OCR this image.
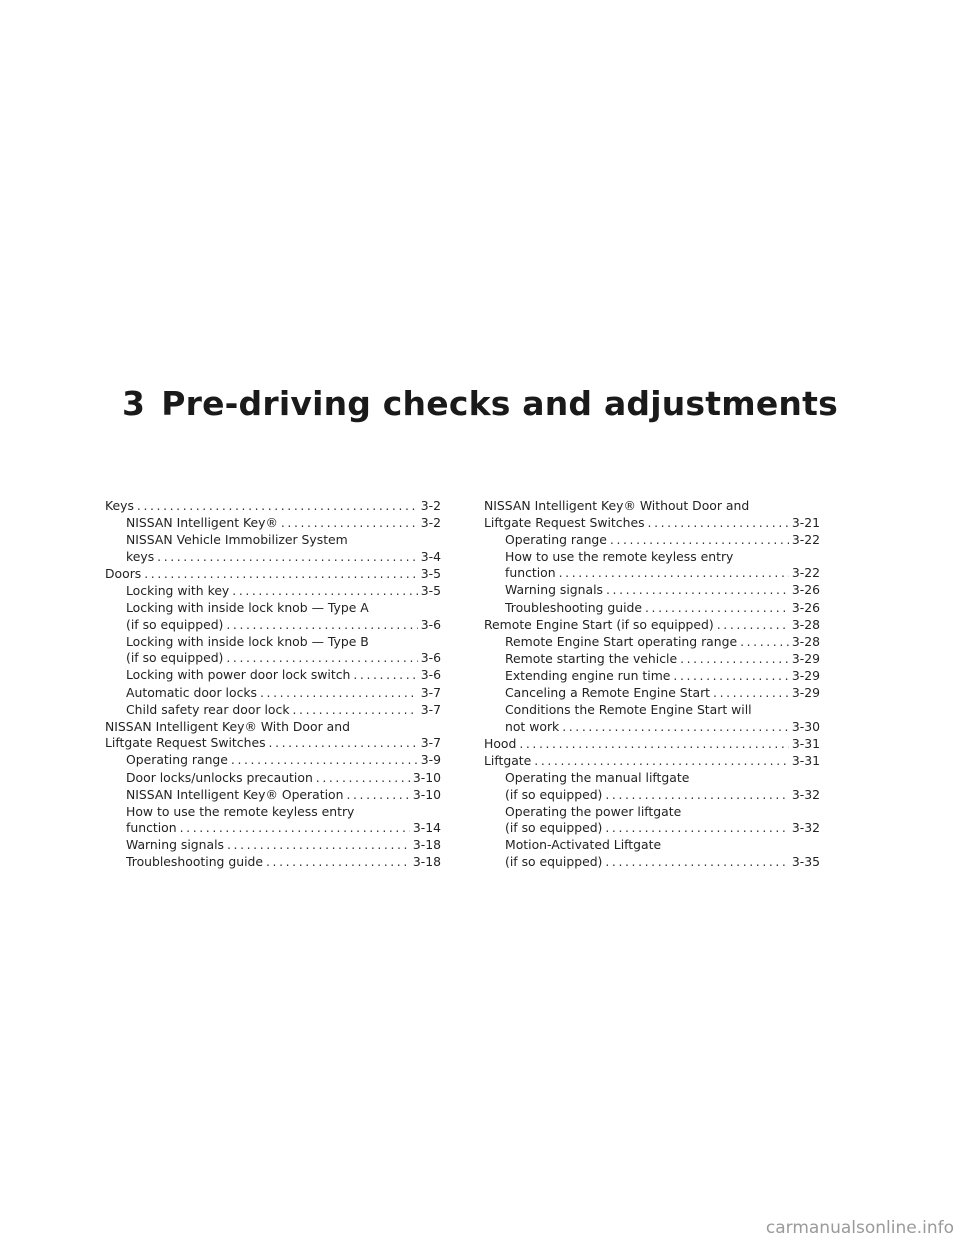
3 Pre-driving checks and adjustments
Keys .....	3-2
NISSAN Intelligent Key® .....	3-2
NISSAN Vehicle Immobilizer System
keys .....	3-4
Doors .....	3-5
Locking with key .....	3-5
Locking with inside lock knob — Type A
(if so equipped) .....	3-6
Locking with inside lock knob — Type B
(if so equipped) .....	3-6
Locking with power door lock switch .....	3-6
Automatic door locks .....	3-7
Child safety rear door lock .....	3-7
NISSAN Intelligent Key® With Door and
Liftgate Request Switches .....	3-7
Operating range .....	3-9
Door locks/unlocks precaution .....	3-10
NISSAN Intelligent Key® Operation .....	3-10
How to use the remote keyless entry
function .....	3-14
Warning signals .....	3-18
Troubleshooting guide .....	3-18
NISSAN Intelligent Key® Without Door and
Liftgate Request Switches .....	3-21
Operating range .....	3-22
How to use the remote keyless entry
function .....	3-22
Warning signals .....	3-26
Troubleshooting guide .....	3-26
Remote Engine Start (if so equipped) .....	3-28
Remote Engine Start operating range .....	3-28
Remote starting the vehicle .....	3-29
Extending engine run time .....	3-29
Canceling a Remote Engine Start .....	3-29
Conditions the Remote Engine Start will
not work .....	3-30
Hood .....	3-31
Liftgate .....	3-31
Operating the manual liftgate
(if so equipped) .....	3-32
Operating the power liftgate
(if so equipped) .....	3-32
Motion-Activated Liftgate
(if so equipped) .....	3-35
carmanualsonline.info
